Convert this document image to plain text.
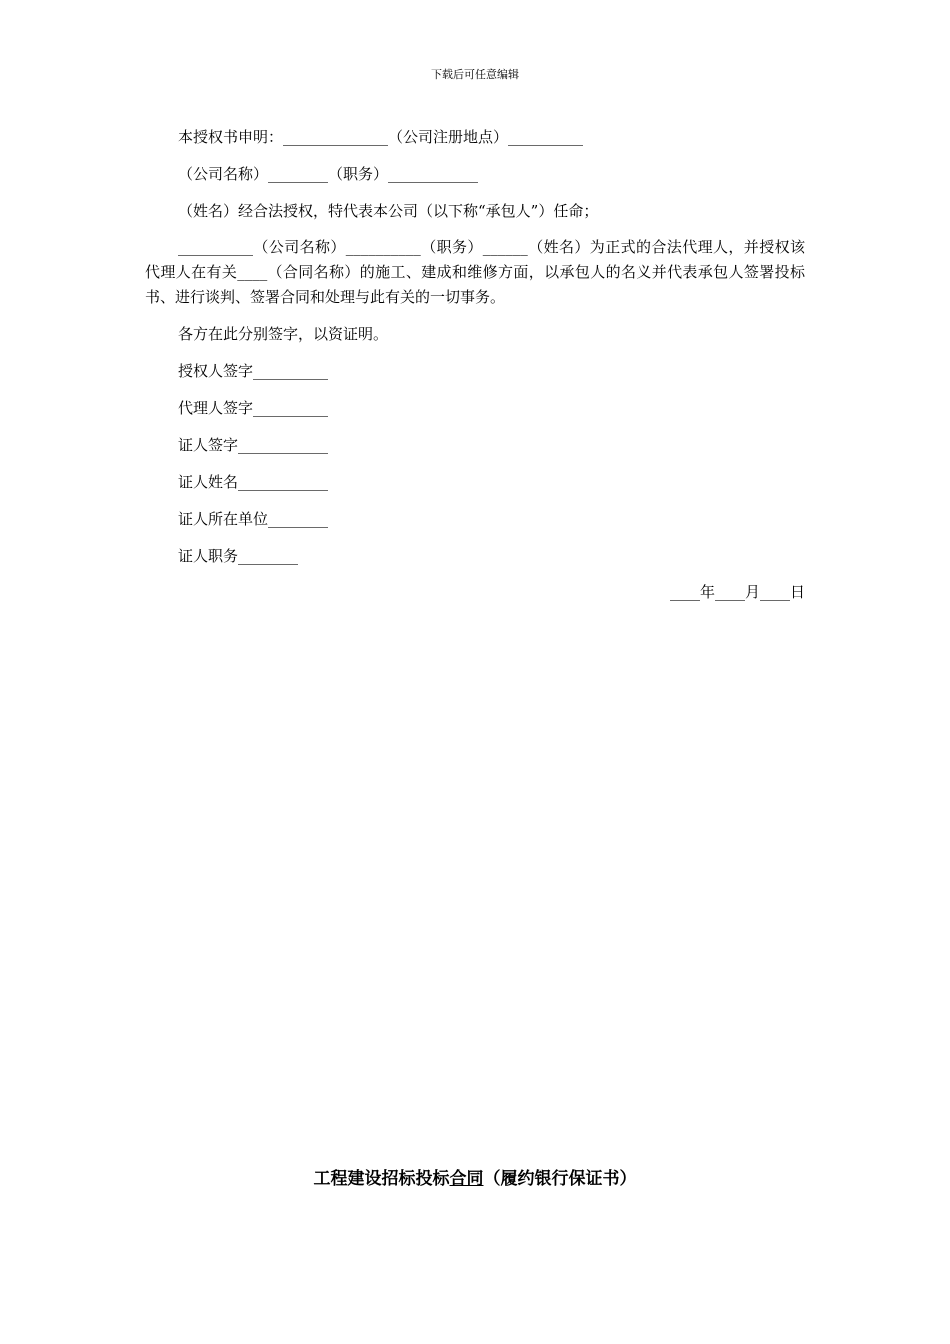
下载后可任意编辑
本授权书申明：______________（公司注册地点）__________
（公司名称）________（职务）____________
（姓名）经合法授权，特代表本公司（以下称“承包人”）任命；
__________（公司名称）__________（职务）______（姓名）为正式的合法代理人，并授权该代理人在有关____（合同名称）的施工、建成和维修方面，以承包人的名义并代表承包人签署投标书、进行谈判、签署合同和处理与此有关的一切事务。
各方在此分别签字，以资证明。
授权人签字__________
代理人签字__________
证人签字____________
证人姓名____________
证人所在单位________
证人职务________
____年____月____日
工程建设招标投标合同（履约银行保证书）
